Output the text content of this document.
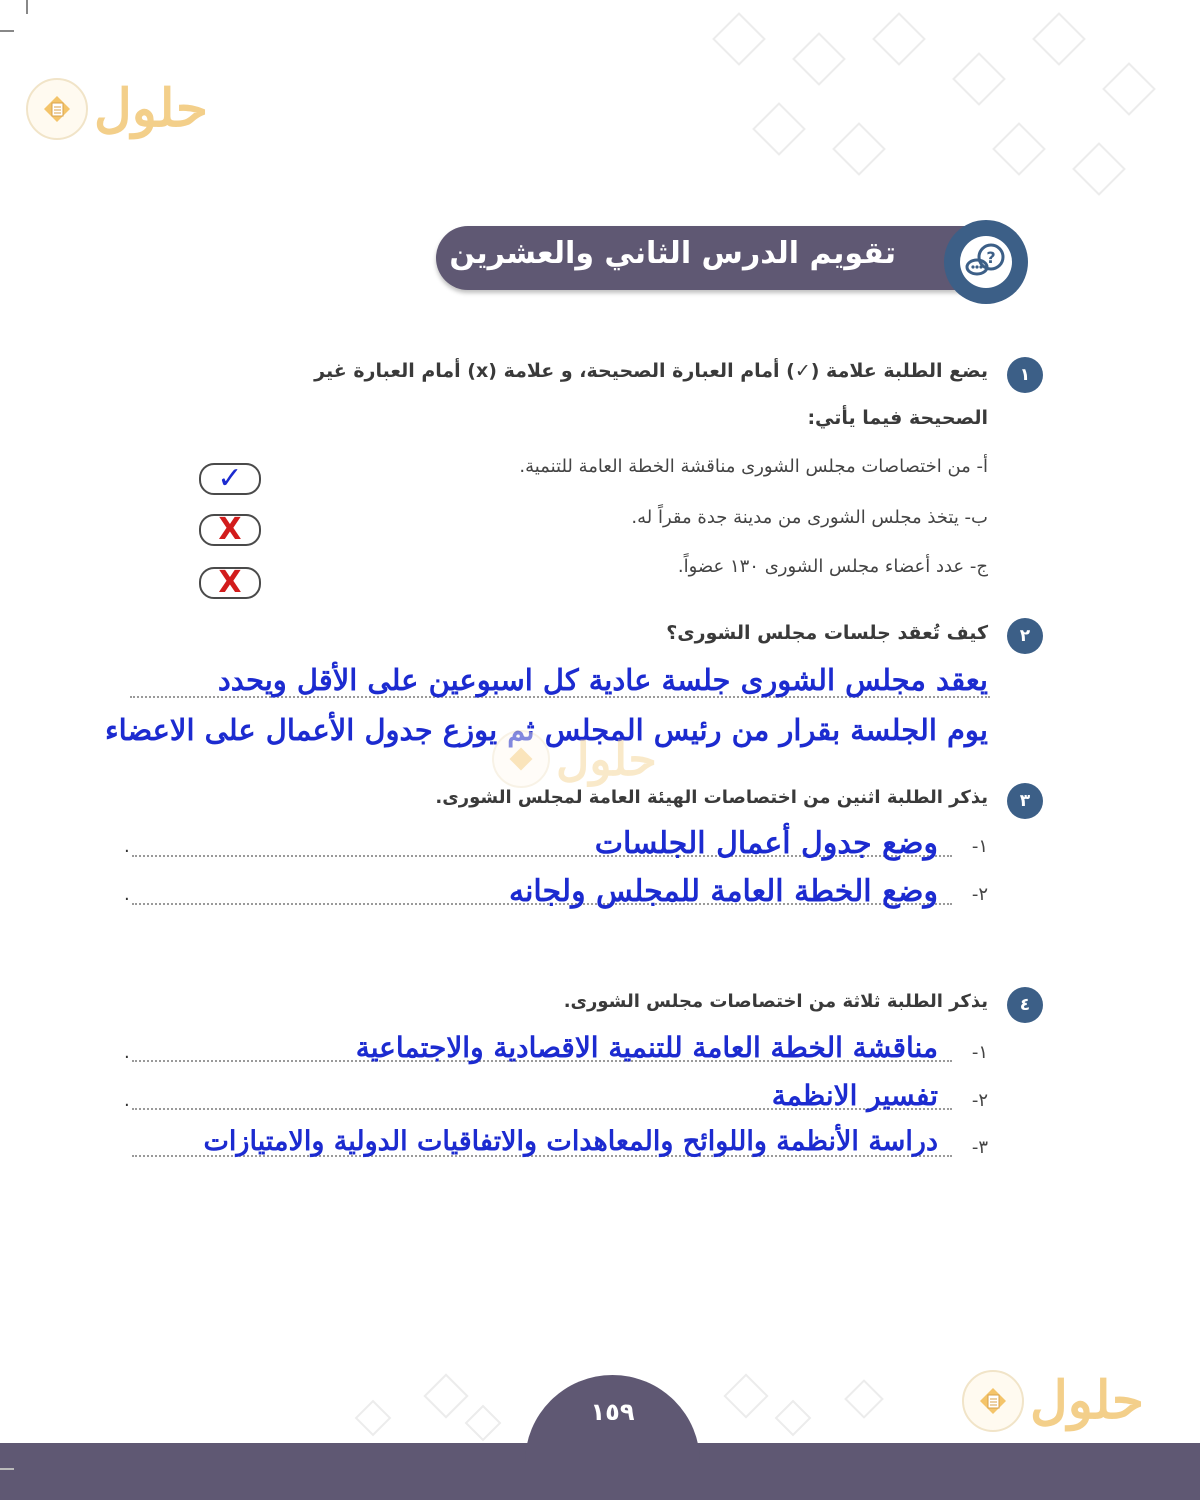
حلول
تقويم الدرس الثاني والعشرين	?
١
يضع الطلبة علامة (✓) أمام العبارة الصحيحة، و علامة (x) أمام العبارة غير
الصحيحة فيما يأتي:
أ- من اختصاصات مجلس الشورى مناقشة الخطة العامة للتنمية.
ب- يتخذ مجلس الشورى من مدينة جدة مقراً له.
ج- عدد أعضاء مجلس الشورى ١٣٠ عضواً.
✓
X
X
٢
كيف تُعقد جلسات مجلس الشورى؟
يعقد مجلس الشورى جلسة عادية كل اسبوعين على الأقل ويحدد
يوم الجلسة بقرار من رئيس المجلس ثم يوزع جدول الأعمال على الاعضاء
حلول
٣
يذكر الطلبة اثنين من اختصاصات الهيئة العامة لمجلس الشورى.
١-
.	وضع جدول أعمال الجلسات
٢-
.	وضع الخطة العامة للمجلس ولجانه
٤
يذكر الطلبة ثلاثة من اختصاصات مجلس الشورى.
١-
.	مناقشة الخطة العامة للتنمية الاقصادية والاجتماعية
٢-
.	تفسير الانظمة
٣-
دراسة الأنظمة واللوائح والمعاهدات والاتفاقيات الدولية والامتيازات
حلول
١٥٩
